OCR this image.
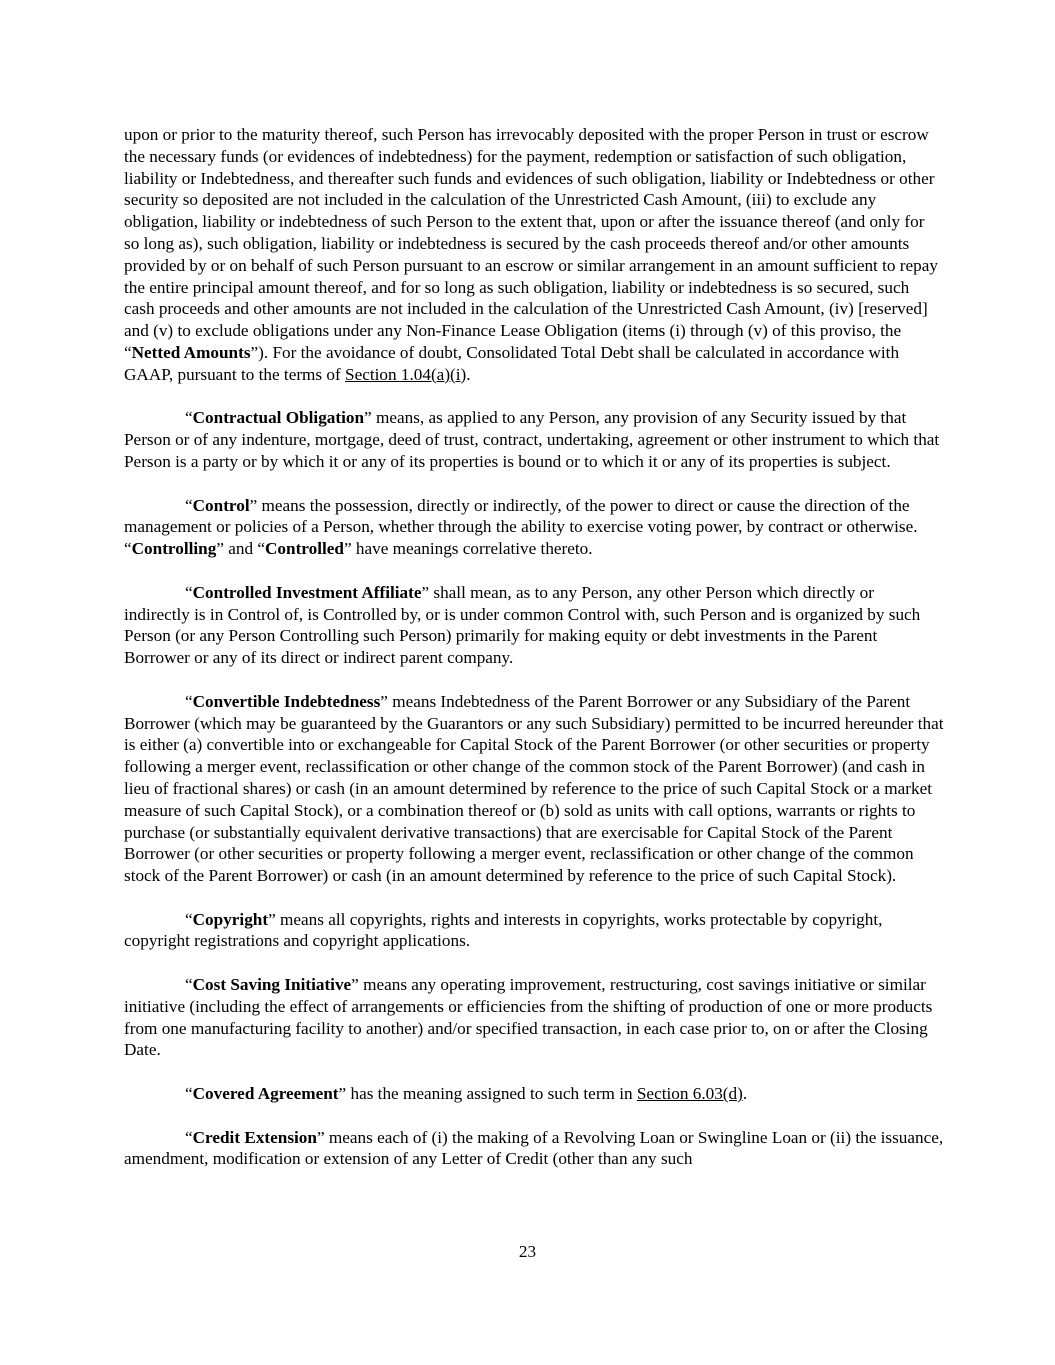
upon or prior to the maturity thereof, such Person has irrevocably deposited with the proper Person in trust or escrow the necessary funds (or evidences of indebtedness) for the payment, redemption or satisfaction of such obligation, liability or Indebtedness, and thereafter such funds and evidences of such obligation, liability or Indebtedness or other security so deposited are not included in the calculation of the Unrestricted Cash Amount, (iii) to exclude any obligation, liability or indebtedness of such Person to the extent that, upon or after the issuance thereof (and only for so long as), such obligation, liability or indebtedness is secured by the cash proceeds thereof and/or other amounts provided by or on behalf of such Person pursuant to an escrow or similar arrangement in an amount sufficient to repay the entire principal amount thereof, and for so long as such obligation, liability or indebtedness is so secured, such cash proceeds and other amounts are not included in the calculation of the Unrestricted Cash Amount, (iv) [reserved] and (v) to exclude obligations under any Non-Finance Lease Obligation (items (i) through (v) of this proviso, the “Netted Amounts”). For the avoidance of doubt, Consolidated Total Debt shall be calculated in accordance with GAAP, pursuant to the terms of Section 1.04(a)(i).
“Contractual Obligation” means, as applied to any Person, any provision of any Security issued by that Person or of any indenture, mortgage, deed of trust, contract, undertaking, agreement or other instrument to which that Person is a party or by which it or any of its properties is bound or to which it or any of its properties is subject.
“Control” means the possession, directly or indirectly, of the power to direct or cause the direction of the management or policies of a Person, whether through the ability to exercise voting power, by contract or otherwise. “Controlling” and “Controlled” have meanings correlative thereto.
“Controlled Investment Affiliate” shall mean, as to any Person, any other Person which directly or indirectly is in Control of, is Controlled by, or is under common Control with, such Person and is organized by such Person (or any Person Controlling such Person) primarily for making equity or debt investments in the Parent Borrower or any of its direct or indirect parent company.
“Convertible Indebtedness” means Indebtedness of the Parent Borrower or any Subsidiary of the Parent Borrower (which may be guaranteed by the Guarantors or any such Subsidiary) permitted to be incurred hereunder that is either (a) convertible into or exchangeable for Capital Stock of the Parent Borrower (or other securities or property following a merger event, reclassification or other change of the common stock of the Parent Borrower) (and cash in lieu of fractional shares) or cash (in an amount determined by reference to the price of such Capital Stock or a market measure of such Capital Stock), or a combination thereof or (b) sold as units with call options, warrants or rights to purchase (or substantially equivalent derivative transactions) that are exercisable for Capital Stock of the Parent Borrower (or other securities or property following a merger event, reclassification or other change of the common stock of the Parent Borrower) or cash (in an amount determined by reference to the price of such Capital Stock).
“Copyright” means all copyrights, rights and interests in copyrights, works protectable by copyright, copyright registrations and copyright applications.
“Cost Saving Initiative” means any operating improvement, restructuring, cost savings initiative or similar initiative (including the effect of arrangements or efficiencies from the shifting of production of one or more products from one manufacturing facility to another) and/or specified transaction, in each case prior to, on or after the Closing Date.
“Covered Agreement” has the meaning assigned to such term in Section 6.03(d).
“Credit Extension” means each of (i) the making of a Revolving Loan or Swingline Loan or (ii) the issuance, amendment, modification or extension of any Letter of Credit (other than any such
23
